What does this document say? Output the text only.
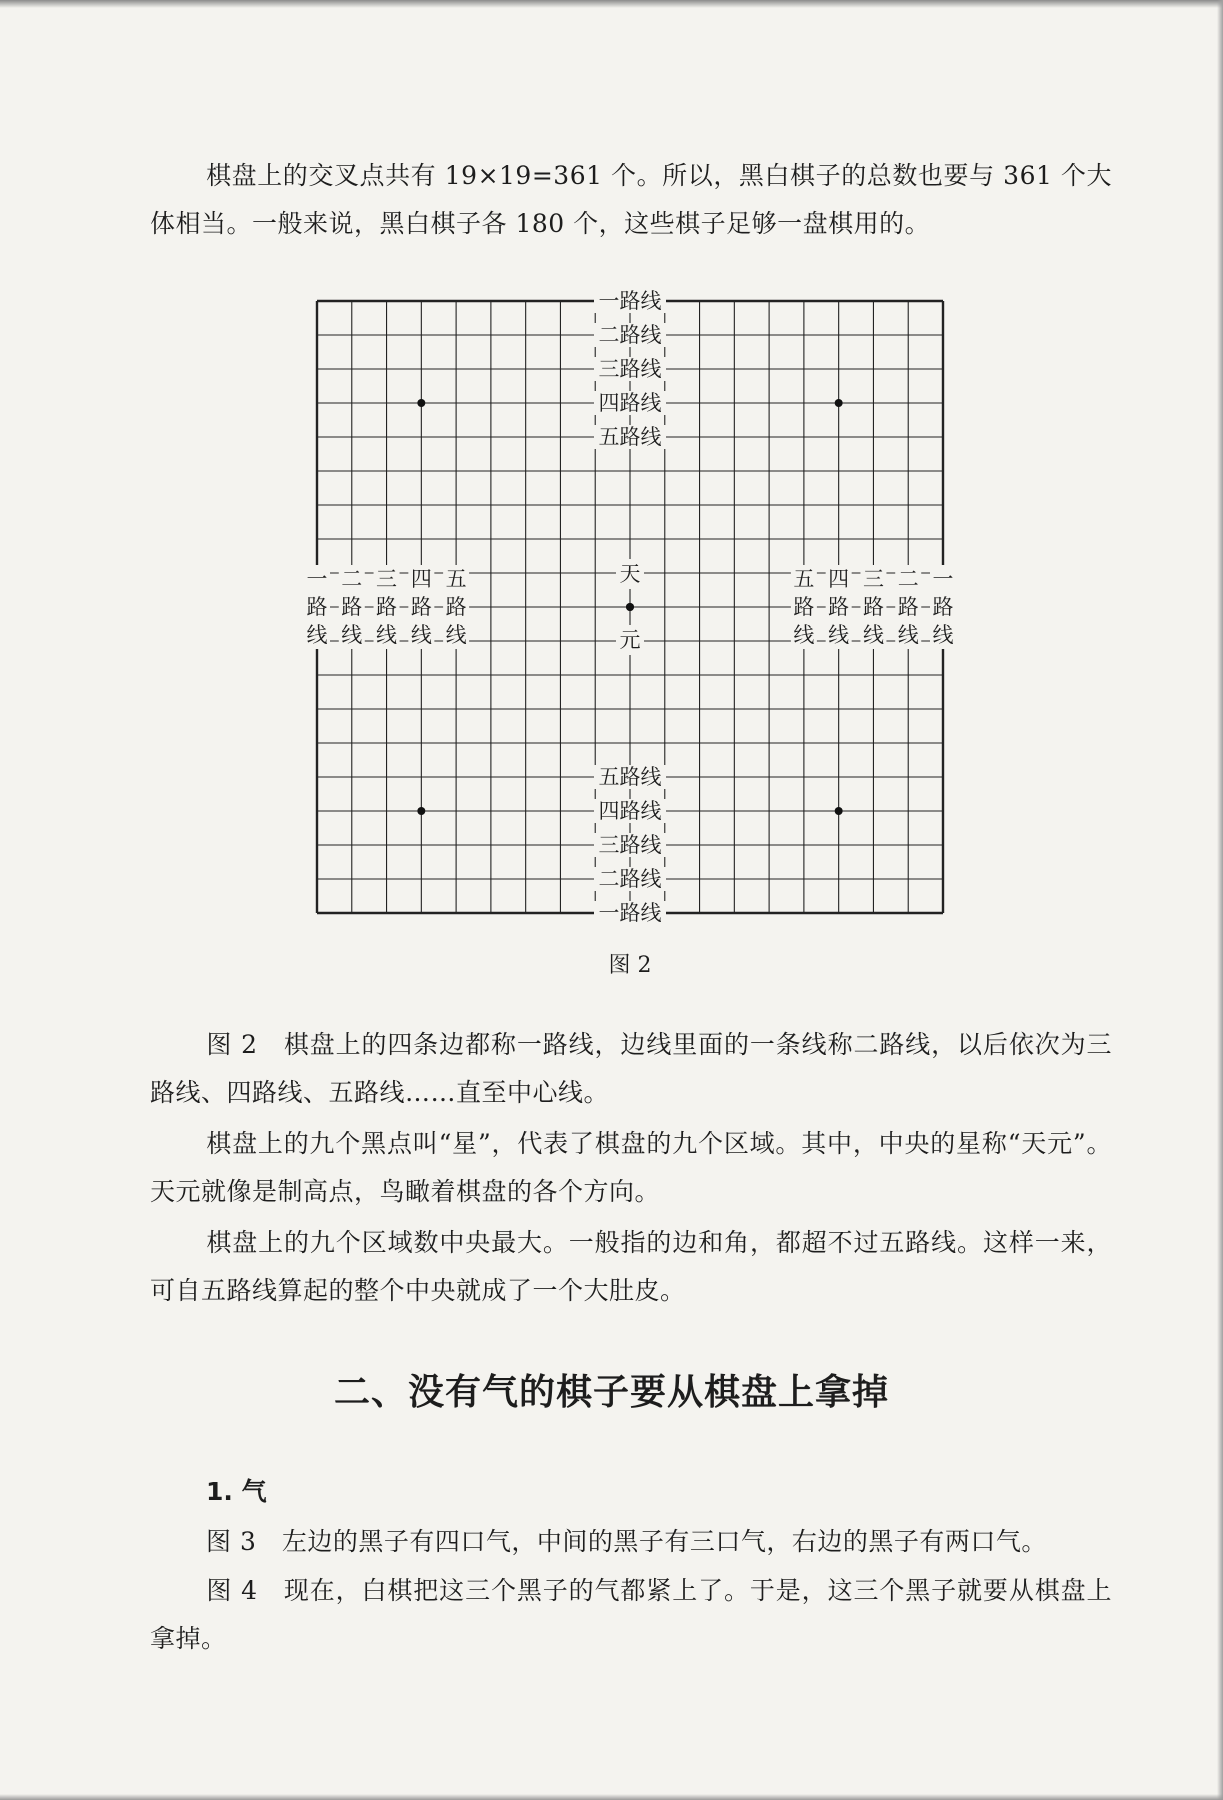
棋盘上的交叉点共有 19×19=361 个。所以，黑白棋子的总数也要与 361 个大体相当。一般来说，黑白棋子各 180 个，这些棋子足够一盘棋用的。

一路线
二路线
三路线
四路线
五路线
五路线
四路线
三路线
二路线
一路线
一
路
线
二
路
线
三
路
线
四
路
线
五
路
线
五
路
线
四
路
线
三
路
线
二
路
线
一
路
线
天
元
图 2

图 2　棋盘上的四条边都称一路线，边线里面的一条线称二路线，以后依次为三路线、四路线、五路线……直至中心线。

棋盘上的九个黑点叫“星”，代表了棋盘的九个区域。其中，中央的星称“天元”。天元就像是制高点，鸟瞰着棋盘的各个方向。

棋盘上的九个区域数中央最大。一般指的边和角，都超不过五路线。这样一来，可自五路线算起的整个中央就成了一个大肚皮。

二、没有气的棋子要从棋盘上拿掉
1. 气

图 3　左边的黑子有四口气，中间的黑子有三口气，右边的黑子有两口气。

图 4　现在，白棋把这三个黑子的气都紧上了。于是，这三个黑子就要从棋盘上拿掉。
